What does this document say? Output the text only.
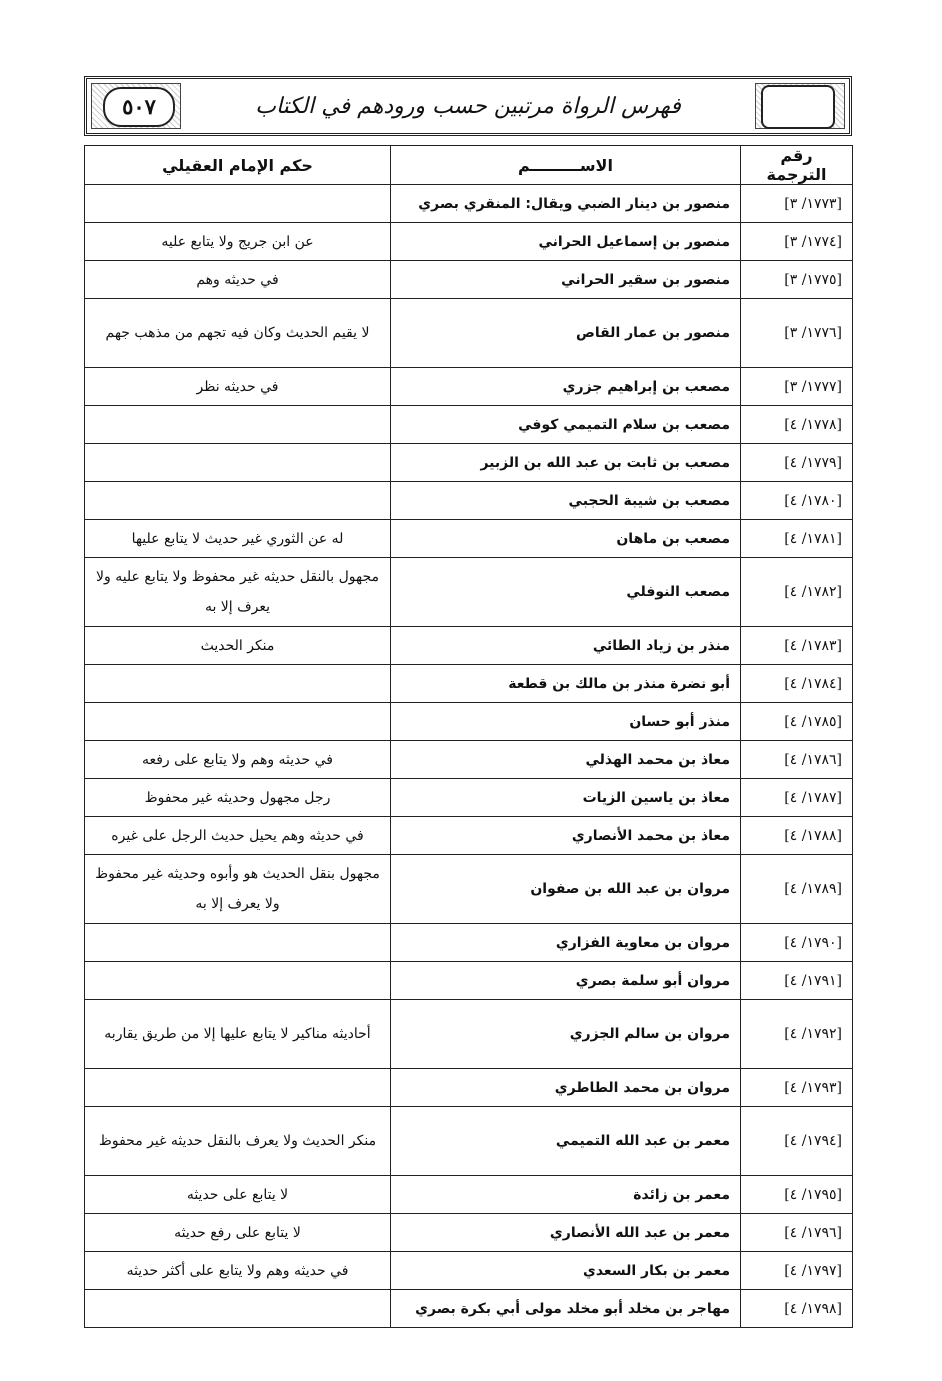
٥٠٧	فهرس الرواة مرتبين حسب ورودهم في الكتاب
رقم الترجمة	الاســـــــــم	حكم الإمام العقيلي
[١٧٧٣/ ٣]	منصور بن دينار الضبي ويقال: المنقري بصري	
[١٧٧٤/ ٣]	منصور بن إسماعيل الحراني	عن ابن جريج ولا يتابع عليه
[١٧٧٥/ ٣]	منصور بن سقير الحراني	في حديثه وهم
[١٧٧٦/ ٣]	منصور بن عمار القاص	لا يقيم الحديث وكان فيه تجهم من مذهب جهم
[١٧٧٧/ ٣]	مصعب بن إبراهيم جزري	في حديثه نظر
[١٧٧٨/ ٤]	مصعب بن سلام التميمي كوفي	
[١٧٧٩/ ٤]	مصعب بن ثابت بن عبد الله بن الزبير	
[١٧٨٠/ ٤]	مصعب بن شيبة الحجبي	
[١٧٨١/ ٤]	مصعب بن ماهان	له عن الثوري غير حديث لا يتابع عليها
[١٧٨٢/ ٤]	مصعب النوفلي	مجهول بالنقل حديثه غير محفوظ ولا يتابع عليه ولا يعرف إلا به
[١٧٨٣/ ٤]	منذر بن زياد الطائي	منكر الحديث
[١٧٨٤/ ٤]	أبو نضرة منذر بن مالك بن قطعة	
[١٧٨٥/ ٤]	منذر أبو حسان	
[١٧٨٦/ ٤]	معاذ بن محمد الهذلي	في حديثه وهم ولا يتابع على رفعه
[١٧٨٧/ ٤]	معاذ بن ياسين الزيات	رجل مجهول وحديثه غير محفوظ
[١٧٨٨/ ٤]	معاذ بن محمد الأنصاري	في حديثه وهم يحيل حديث الرجل على غيره
[١٧٨٩/ ٤]	مروان بن عبد الله بن صفوان	مجهول بنقل الحديث هو وأبوه وحديثه غير محفوظ ولا يعرف إلا به
[١٧٩٠/ ٤]	مروان بن معاوية الفزاري	
[١٧٩١/ ٤]	مروان أبو سلمة بصري	
[١٧٩٢/ ٤]	مروان بن سالم الجزري	أحاديثه مناكير لا يتابع عليها إلا من طريق يقاربه
[١٧٩٣/ ٤]	مروان بن محمد الطاطري	
[١٧٩٤/ ٤]	معمر بن عبد الله التميمي	منكر الحديث ولا يعرف بالنقل حديثه غير محفوظ
[١٧٩٥/ ٤]	معمر بن زائدة	لا يتابع على حديثه
[١٧٩٦/ ٤]	معمر بن عبد الله الأنصاري	لا يتابع على رفع حديثه
[١٧٩٧/ ٤]	معمر بن بكار السعدي	في حديثه وهم ولا يتابع على أكثر حديثه
[١٧٩٨/ ٤]	مهاجر بن مخلد أبو مخلد مولى أبي بكرة بصري	
